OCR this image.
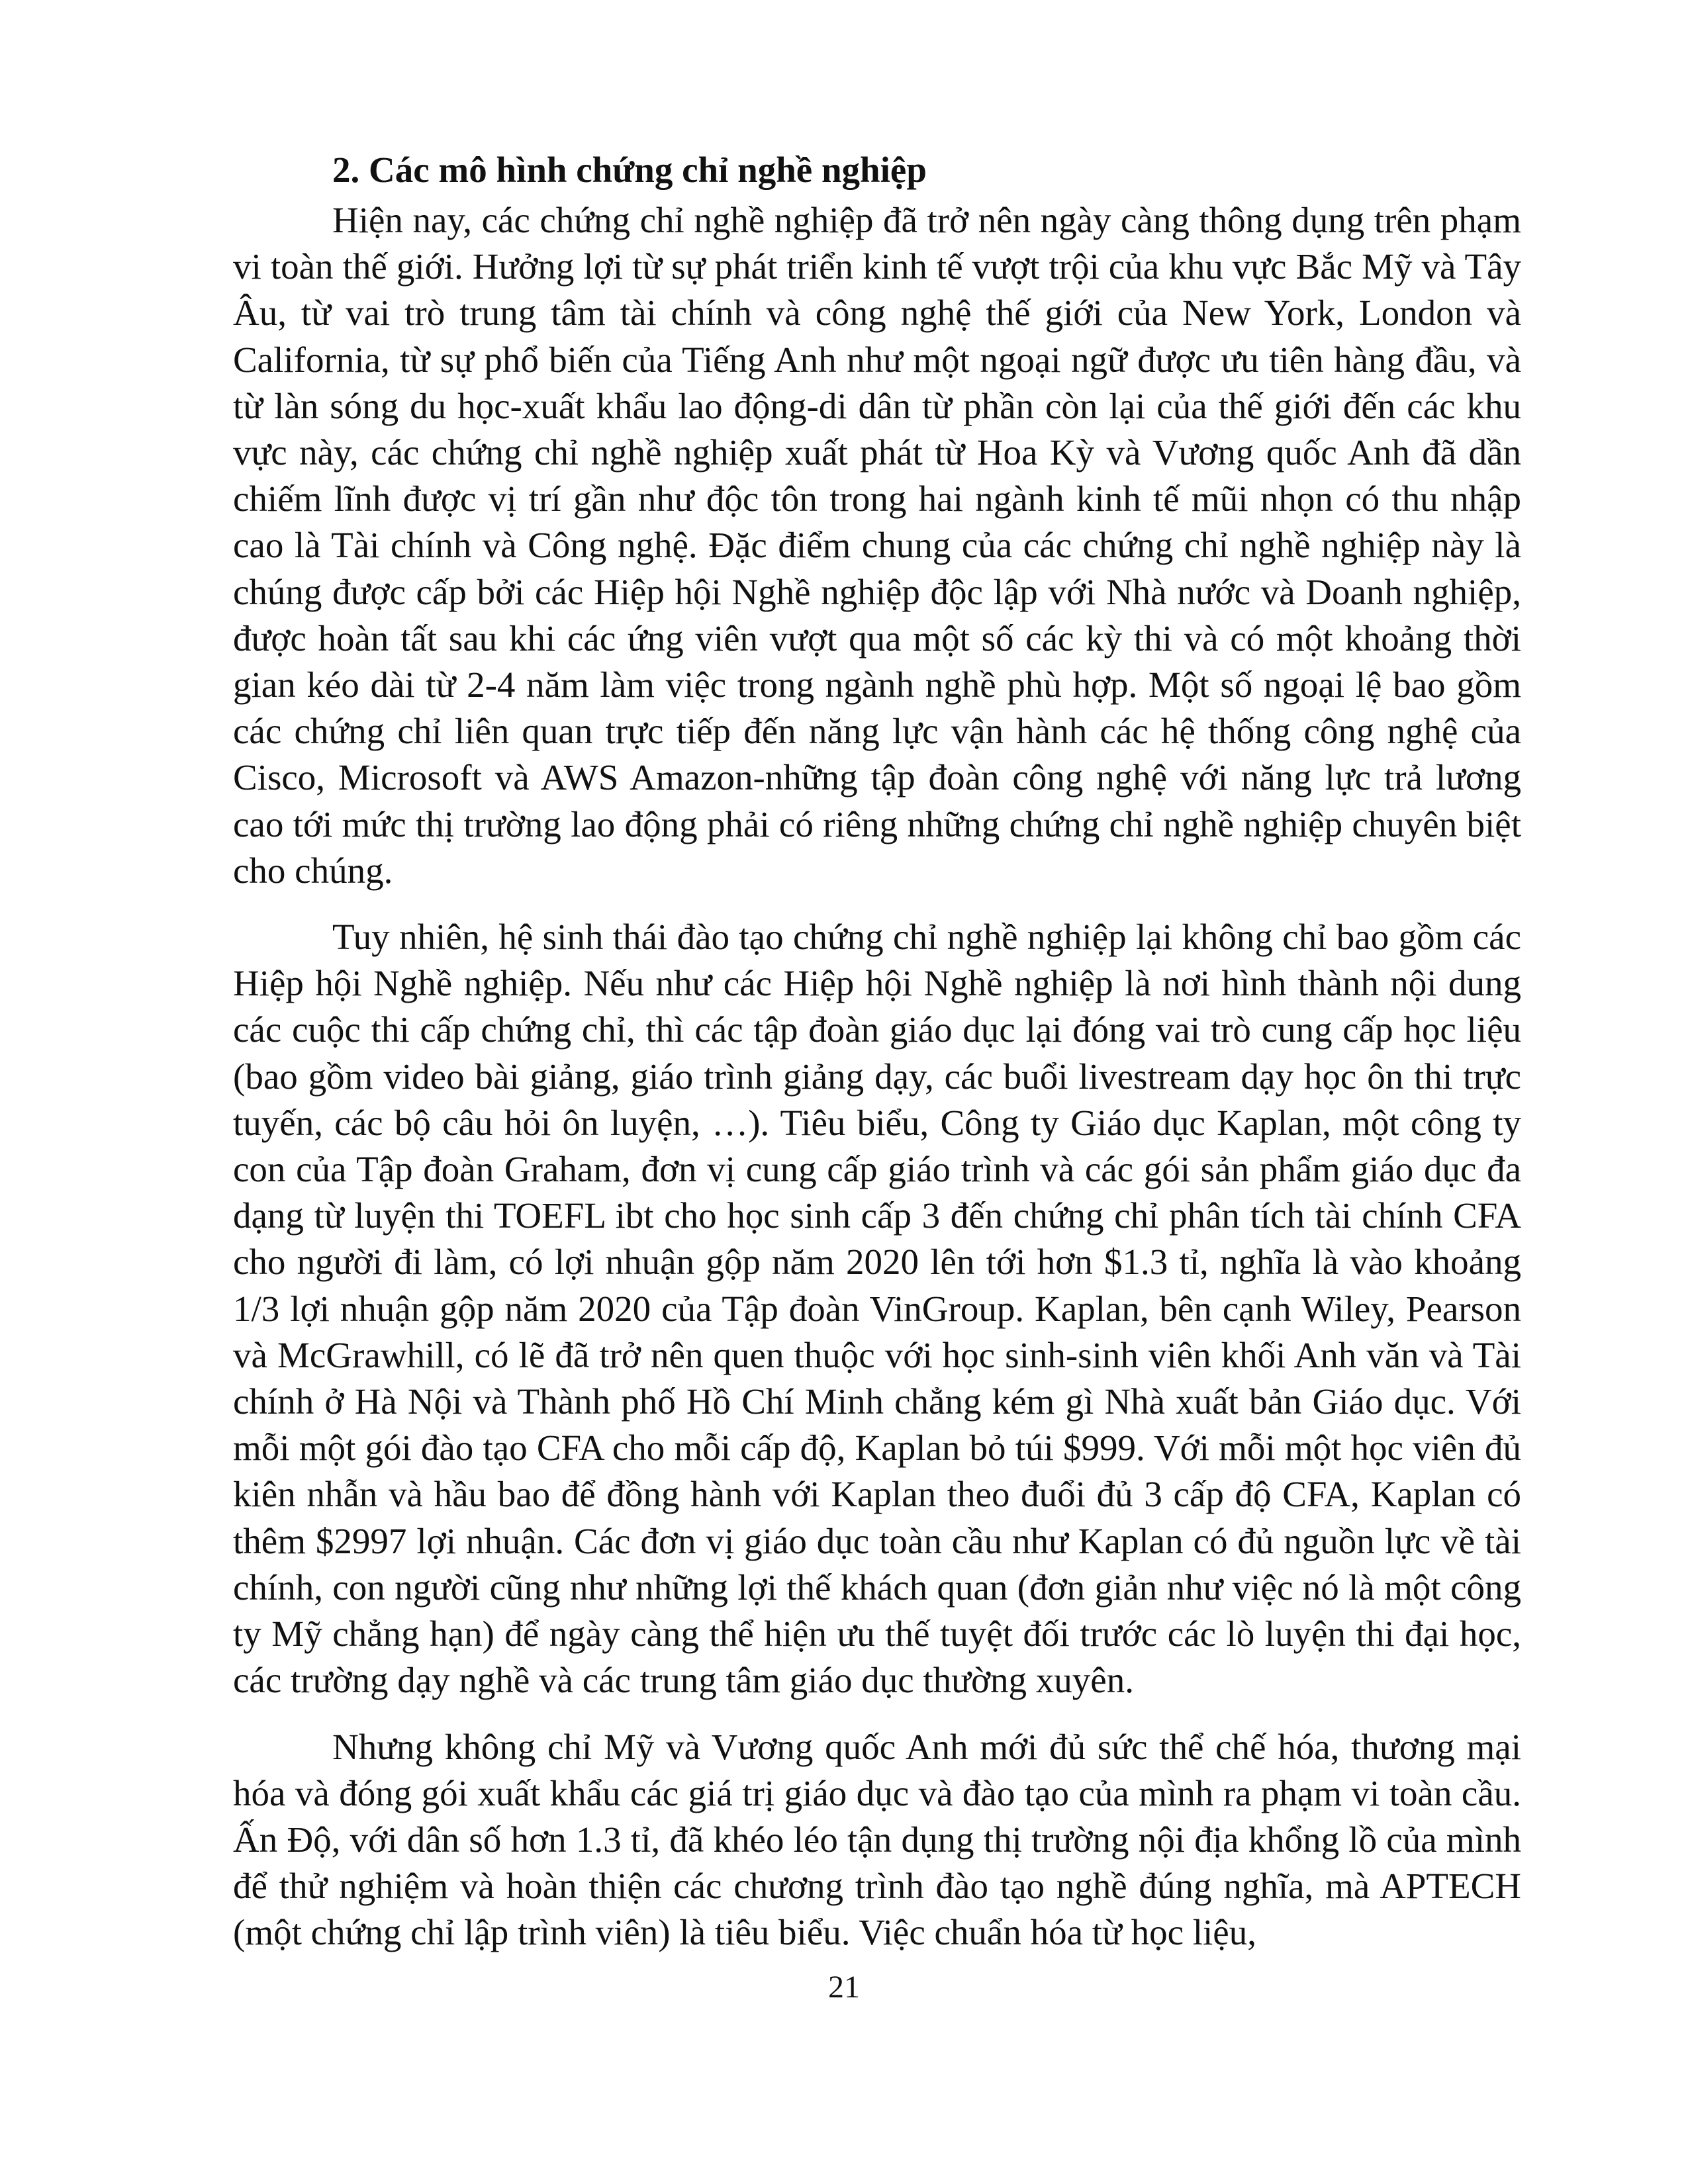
2. Các mô hình chứng chỉ nghề nghiệp

Hiện nay, các chứng chỉ nghề nghiệp đã trở nên ngày càng thông dụng trên phạm vi toàn thế giới. Hưởng lợi từ sự phát triển kinh tế vượt trội của khu vực Bắc Mỹ và Tây Âu, từ vai trò trung tâm tài chính và công nghệ thế giới của New York, London và California, từ sự phổ biến của Tiếng Anh như một ngoại ngữ được ưu tiên hàng đầu, và từ làn sóng du học-xuất khẩu lao động-di dân từ phần còn lại của thế giới đến các khu vực này, các chứng chỉ nghề nghiệp xuất phát từ Hoa Kỳ và Vương quốc Anh đã dần chiếm lĩnh được vị trí gần như độc tôn trong hai ngành kinh tế mũi nhọn có thu nhập cao là Tài chính và Công nghệ. Đặc điểm chung của các chứng chỉ nghề nghiệp này là chúng được cấp bởi các Hiệp hội Nghề nghiệp độc lập với Nhà nước và Doanh nghiệp, được hoàn tất sau khi các ứng viên vượt qua một số các kỳ thi và có một khoảng thời gian kéo dài từ 2-4 năm làm việc trong ngành nghề phù hợp. Một số ngoại lệ bao gồm các chứng chỉ liên quan trực tiếp đến năng lực vận hành các hệ thống công nghệ của Cisco, Microsoft và AWS Amazon-những tập đoàn công nghệ với năng lực trả lương cao tới mức thị trường lao động phải có riêng những chứng chỉ nghề nghiệp chuyên biệt cho chúng.

Tuy nhiên, hệ sinh thái đào tạo chứng chỉ nghề nghiệp lại không chỉ bao gồm các Hiệp hội Nghề nghiệp. Nếu như các Hiệp hội Nghề nghiệp là nơi hình thành nội dung các cuộc thi cấp chứng chỉ, thì các tập đoàn giáo dục lại đóng vai trò cung cấp học liệu (bao gồm video bài giảng, giáo trình giảng dạy, các buổi livestream dạy học ôn thi trực tuyến, các bộ câu hỏi ôn luyện, …). Tiêu biểu, Công ty Giáo dục Kaplan, một công ty con của Tập đoàn Graham, đơn vị cung cấp giáo trình và các gói sản phẩm giáo dục đa dạng từ luyện thi TOEFL ibt cho học sinh cấp 3 đến chứng chỉ phân tích tài chính CFA cho người đi làm, có lợi nhuận gộp năm 2020 lên tới hơn $1.3 tỉ, nghĩa là vào khoảng 1/3 lợi nhuận gộp năm 2020 của Tập đoàn VinGroup. Kaplan, bên cạnh Wiley, Pearson và McGrawhill, có lẽ đã trở nên quen thuộc với học sinh-sinh viên khối Anh văn và Tài chính ở Hà Nội và Thành phố Hồ Chí Minh chẳng kém gì Nhà xuất bản Giáo dục. Với mỗi một gói đào tạo CFA cho mỗi cấp độ, Kaplan bỏ túi $999. Với mỗi một học viên đủ kiên nhẫn và hầu bao để đồng hành với Kaplan theo đuổi đủ 3 cấp độ CFA, Kaplan có thêm $2997 lợi nhuận. Các đơn vị giáo dục toàn cầu như Kaplan có đủ nguồn lực về tài chính, con người cũng như những lợi thế khách quan (đơn giản như việc nó là một công ty Mỹ chẳng hạn) để ngày càng thể hiện ưu thế tuyệt đối trước các lò luyện thi đại học, các trường dạy nghề và các trung tâm giáo dục thường xuyên.

Nhưng không chỉ Mỹ và Vương quốc Anh mới đủ sức thể chế hóa, thương mại hóa và đóng gói xuất khẩu các giá trị giáo dục và đào tạo của mình ra phạm vi toàn cầu. Ấn Độ, với dân số hơn 1.3 tỉ, đã khéo léo tận dụng thị trường nội địa khổng lồ của mình để thử nghiệm và hoàn thiện các chương trình đào tạo nghề đúng nghĩa, mà APTECH (một chứng chỉ lập trình viên) là tiêu biểu. Việc chuẩn hóa từ học liệu,

21
